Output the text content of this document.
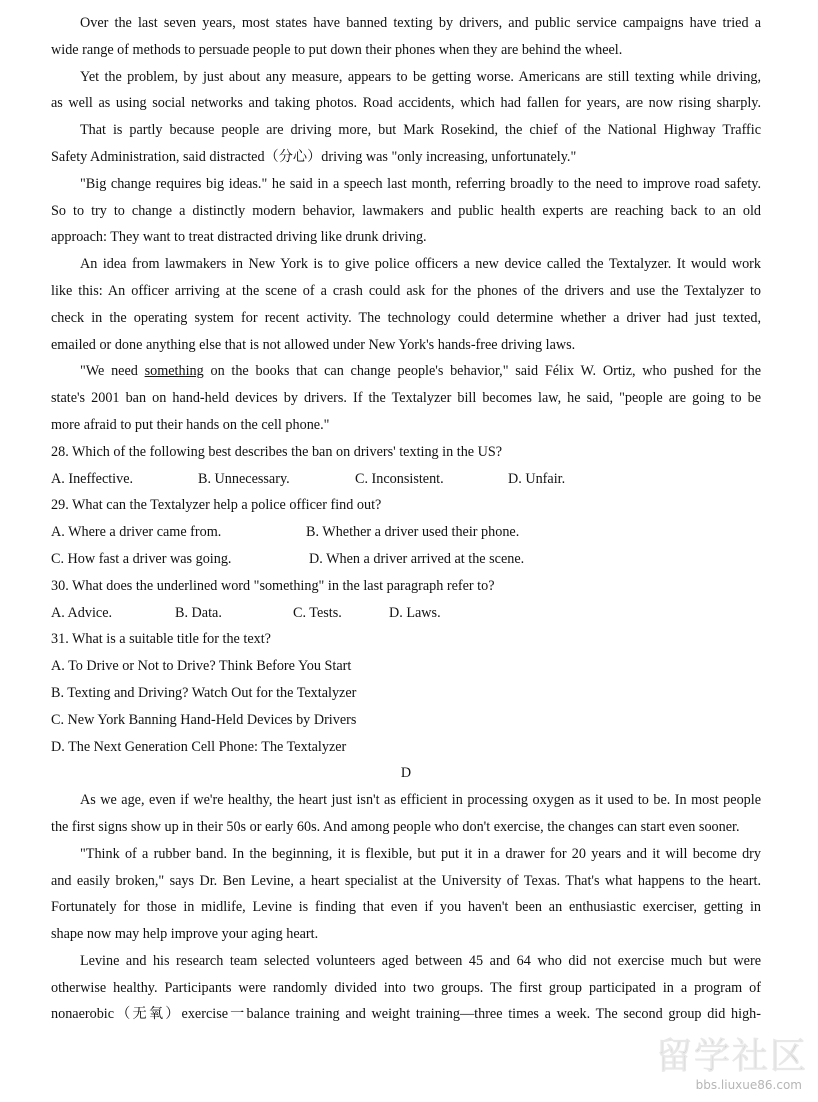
Over the last seven years, most states have banned texting by drivers, and public service campaigns have tried a
wide range of methods to persuade people to put down their phones when they are behind the wheel.
Yet the problem, by just about any measure, appears to be getting worse. Americans are still texting while driving,
as well as using social networks and taking photos. Road accidents, which had fallen for years, are now rising sharply.
That is partly because people are driving more, but Mark Rosekind, the chief of the National Highway Traffic
Safety Administration, said distracted（分心）driving was "only increasing, unfortunately."
"Big change requires big ideas." he said in a speech last month, referring broadly to the need to improve road safety.
So to try to change a distinctly modern behavior, lawmakers and public health experts are reaching back to an old
approach: They want to treat distracted driving like drunk driving.
An idea from lawmakers in New York is to give police officers a new device called the Textalyzer. It would work
like this: An officer arriving at the scene of a crash could ask for the phones of the drivers and use the Textalyzer to
check in the operating system for recent activity. The technology could determine whether a driver had just texted,
emailed or done anything else that is not allowed under New York's hands-free driving laws.
"We need something on the books that can change people's behavior," said Félix W. Ortiz, who pushed for the
state's 2001 ban on hand-held devices by drivers. If the Textalyzer bill becomes law, he said, "people are going to be
more afraid to put their hands on the cell phone."
28. Which of the following best describes the ban on drivers' texting in the US?
A. Ineffective.	B. Unnecessary.	C. Inconsistent.	D. Unfair.
29. What can the Textalyzer help a police officer find out?
A. Where a driver came from.	B. Whether a driver used their phone.
C. How fast a driver was going.	D. When a driver arrived at the scene.
30. What does the underlined word "something" in the last paragraph refer to?
A. Advice.	B. Data.	C. Tests.	D. Laws.
31. What is a suitable title for the text?
A. To Drive or Not to Drive? Think Before You Start
B. Texting and Driving? Watch Out for the Textalyzer
C. New York Banning Hand-Held Devices by Drivers
D. The Next Generation Cell Phone: The Textalyzer
D
As we age, even if we're healthy, the heart just isn't as efficient in processing oxygen as it used to be. In most people
the first signs show up in their 50s or early 60s. And among people who don't exercise, the changes can start even sooner.
"Think of a rubber band. In the beginning, it is flexible, but put it in a drawer for 20 years and it will become dry
and easily broken," says Dr. Ben Levine, a heart specialist at the University of Texas. That's what happens to the heart.
Fortunately for those in midlife, Levine is finding that even if you haven't been an enthusiastic exerciser, getting in
shape now may help improve your aging heart.
Levine and his research team selected volunteers aged between 45 and 64 who did not exercise much but were
otherwise healthy. Participants were randomly divided into two groups. The first group participated in a program of
nonaerobic（无氧）exercise一balance training and weight training—three times a week. The second group did high-
留学社区
bbs.liuxue86.com
